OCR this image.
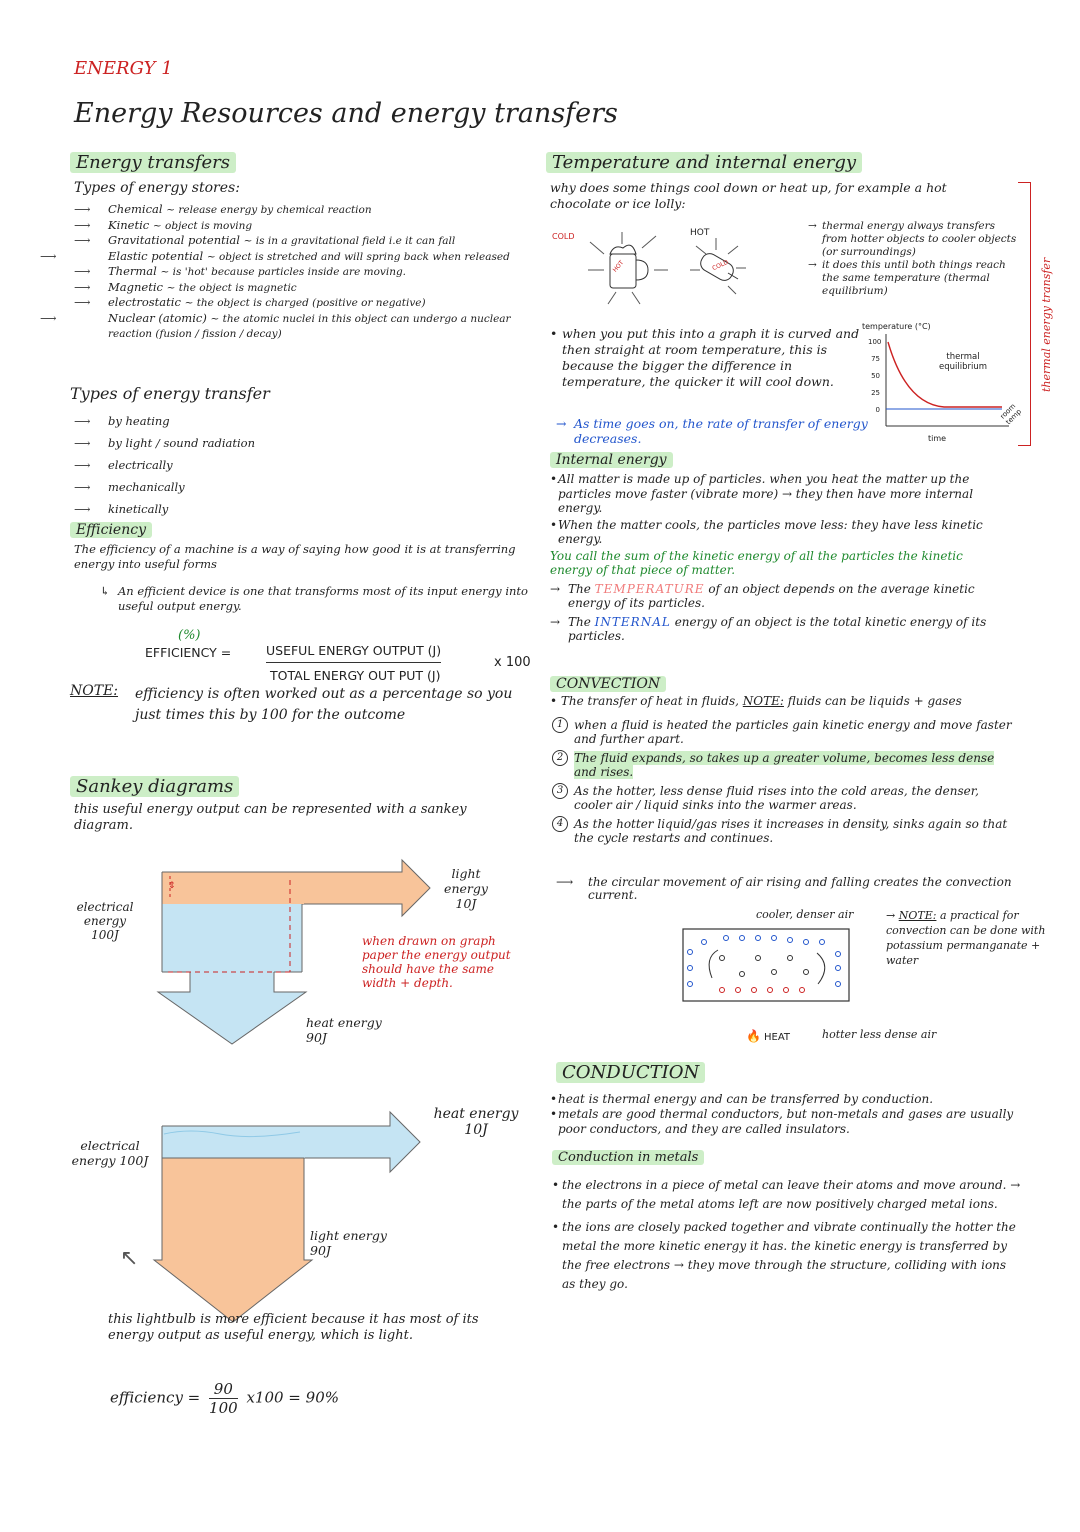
ENERGY 1
Energy Resources and energy transfers
Energy transfers
Types of energy stores:
⟶ Chemical ~ release energy by chemical reaction
⟶ Kinetic ~ object is moving
⟶ Gravitational potential ~ is in a gravitational field i.e it can fall
⟶	Elastic potential ~ object is stretched and will spring back when released
⟶ Thermal ~ is 'hot' because particles inside are moving.
⟶ Magnetic ~ the object is magnetic
⟶ electrostatic ~ the object is charged (positive or negative)
⟶	Nuclear (atomic) ~ the atomic nuclei in this object can undergo a nuclear reaction (fusion / fission / decay)
Types of energy transfer
⟶ by heating
⟶ by light / sound radiation
⟶ electrically
⟶ mechanically
⟶ kinetically
Efficiency
The efficiency of a machine is a way of saying how good it is at transferring energy into useful forms
↳ An efficient device is one that transforms most of its input energy into useful output energy.
(%)
EFFICIENCY =	USEFUL ENERGY OUTPUT (J)
TOTAL ENERGY OUT PUT (J)
x 100
NOTE: efficiency is often worked out as a percentage so you just times this by 100 for the outcome
Sankey diagrams
this useful energy output can be represented with a sankey diagram.
⇕
electrical energy 100J
light energy 10J
heat energy 90J
when drawn on graph paper the energy output should have the same width + depth.
electrical energy 100J
heat energy 10J
light energy 90J
↖
this lightbulb is more efficient because it has most of its energy output as useful energy, which is light.
efficiency = $\frac{90}{100} x100 = 90\%$
Temperature and internal energy
why does some things cool down or heat up, for example a hot chocolate or ice lolly:
COLD	HOT
HOT	COLD
→ thermal energy always transfers from hotter objects to cooler objects (or surroundings)
→ it does this until both things reach the same temperature (thermal equilibrium)	thermal energy transfer
• when you put this into a graph it is curved and then straight at room temperature, this is because the bigger the difference in temperature, the quicker it will cool down.
→ As time goes on, the rate of transfer of energy decreases.
temperature (°C)
100
75
50
25
0
thermal equilibrium
time
room temp
Internal energy
• All matter is made up of particles. when you heat the matter up the particles move faster (vibrate more) → they then have more internal energy.
• When the matter cools, the particles move less: they have less kinetic energy.
You call the sum of the kinetic energy of all the particles the kinetic energy of that piece of matter.
→ The TEMPERATURE of an object depends on the average kinetic energy of its particles.
→ The INTERNAL energy of an object is the total kinetic energy of its particles.
CONVECTION
• The transfer of heat in fluids, NOTE: fluids can be liquids + gases
1 when a fluid is heated the particles gain kinetic energy and move faster and further apart.
2 The fluid expands, so takes up a greater volume, becomes less dense and rises.
3 As the hotter, less dense fluid rises into the cold areas, the denser, cooler air / liquid sinks into the warmer areas.
4 As the hotter liquid/gas rises it increases in density, sinks again so that the cycle restarts and continues.
⟶ the circular movement of air rising and falling creates the convection current.
cooler, denser air
🔥 HEAT	hotter less dense air
→ NOTE: a practical for convection can be done with potassium permanganate + water
CONDUCTION
• heat is thermal energy and can be transferred by conduction.
• metals are good thermal conductors, but non-metals and gases are usually poor conductors, and they are called insulators.
Conduction in metals
• the electrons in a piece of metal can leave their atoms and move around. → the parts of the metal atoms left are now positively charged metal ions.
• the ions are closely packed together and vibrate continually the hotter the metal the more kinetic energy it has. the kinetic energy is transferred by the free electrons → they move through the structure, colliding with ions as they go.
